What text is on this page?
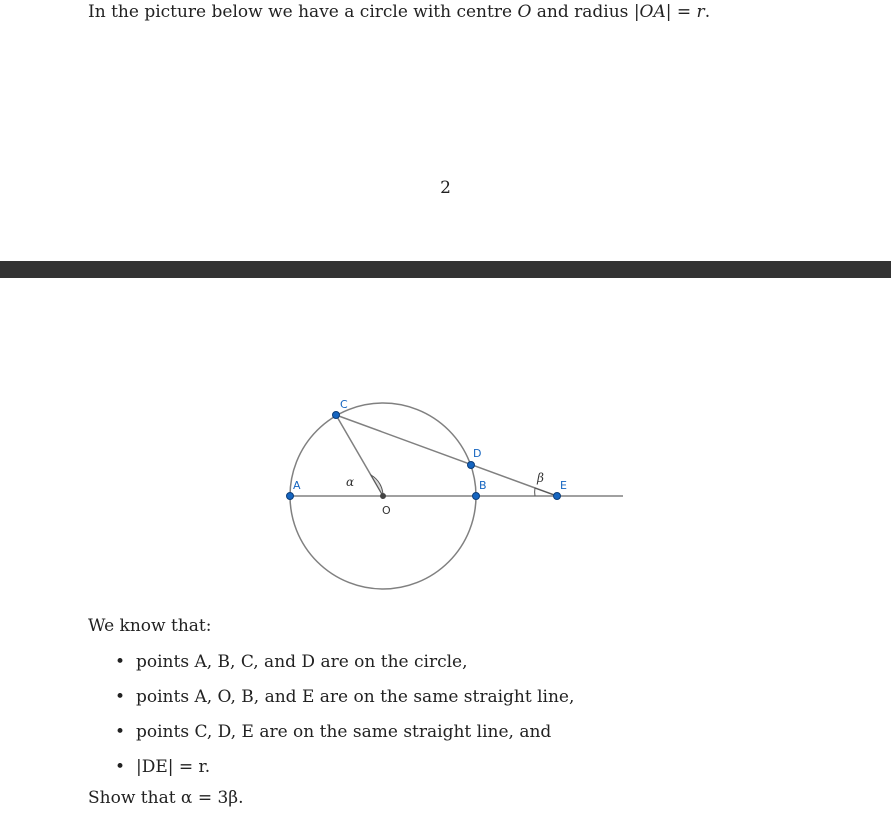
In the picture below we have a circle with centre O and radius |OA| = r.
2
A	B
C
D
E
O
α	β
We know that:
• points A, B, C, and D are on the circle,
• points A, O, B, and E are on the same straight line,
• points C, D, E are on the same straight line, and
• |DE| = r.
Show that α = 3β.
